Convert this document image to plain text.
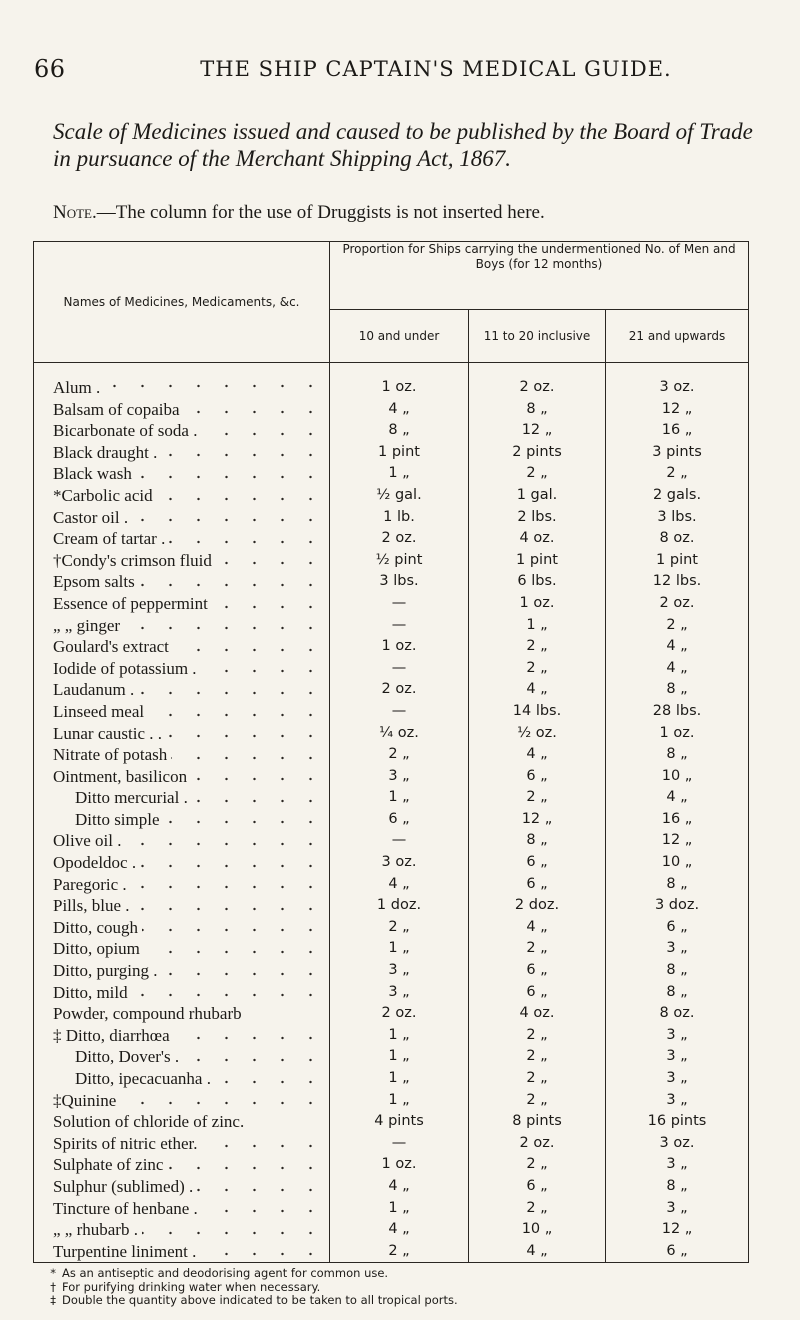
66	THE SHIP CAPTAIN'S MEDICAL GUIDE.
Scale of Medicines issued and caused to be published by the Board of Trade in pursuance of the Merchant Shipping Act, 1867.
Note.—The column for the use of Druggists is not inserted here.
Names of Medicines, Medicaments, &c.	Proportion for Ships carrying the undermentioned No. of Men and Boys (for 12 months)		
	10 and under	11 to 20 inclusive	21 and upwards
Alum .	1 oz.	2 oz.	3 oz.
Balsam of copaiba	4 „	8 „	12 „
Bicarbonate of soda .	8 „	12 „	16 „
Black draught .	1 pint	2 pints	3 pints
Black wash	1 „	2 „	2 „
*Carbolic acid	½ gal.	1 gal.	2 gals.
Castor oil .	1 lb.	2 lbs.	3 lbs.
Cream of tartar .	2 oz.	4 oz.	8 oz.
†Condy's crimson fluid	½ pint	1 pint	1 pint
Epsom salts	3 lbs.	6 lbs.	12 lbs.
Essence of peppermint	—	1 oz.	2 oz.
„ „ ginger	—	1 „	2 „
Goulard's extract	1 oz.	2 „	4 „
Iodide of potassium .	—	2 „	4 „
Laudanum .	2 oz.	4 „	8 „
Linseed meal	—	14 lbs.	28 lbs.
Lunar caustic . .	¼ oz.	½ oz.	1 oz.
Nitrate of potash	2 „	4 „	8 „
Ointment, basilicon	3 „	6 „	10 „
Ditto mercurial .	1 „	2 „	4 „
Ditto simple	6 „	12 „	16 „
Olive oil .	—	8 „	12 „
Opodeldoc .	3 oz.	6 „	10 „
Paregoric .	4 „	6 „	8 „
Pills, blue .	1 doz.	2 doz.	3 doz.
Ditto, cough	2 „	4 „	6 „
Ditto, opium	1 „	2 „	3 „
Ditto, purging .	3 „	6 „	8 „
Ditto, mild	3 „	6 „	8 „
Powder, compound rhubarb	2 oz.	4 oz.	8 oz.
‡ Ditto, diarrhœa	1 „	2 „	3 „
Ditto, Dover's .	1 „	2 „	3 „
Ditto, ipecacuanha .	1 „	2 „	3 „
‡Quinine	1 „	2 „	3 „
Solution of chloride of zinc.	4 pints	8 pints	16 pints
Spirits of nitric ether.	—	2 oz.	3 oz.
Sulphate of zinc	1 oz.	2 „	3 „
Sulphur (sublimed) .	4 „	6 „	8 „
Tincture of henbane .	1 „	2 „	3 „
„ „ rhubarb .	4 „	10 „	12 „
Turpentine liniment .	2 „	4 „	6 „
* As an antiseptic and deodorising agent for common use.
† For purifying drinking water when necessary.
‡ Double the quantity above indicated to be taken to all tropical ports.
